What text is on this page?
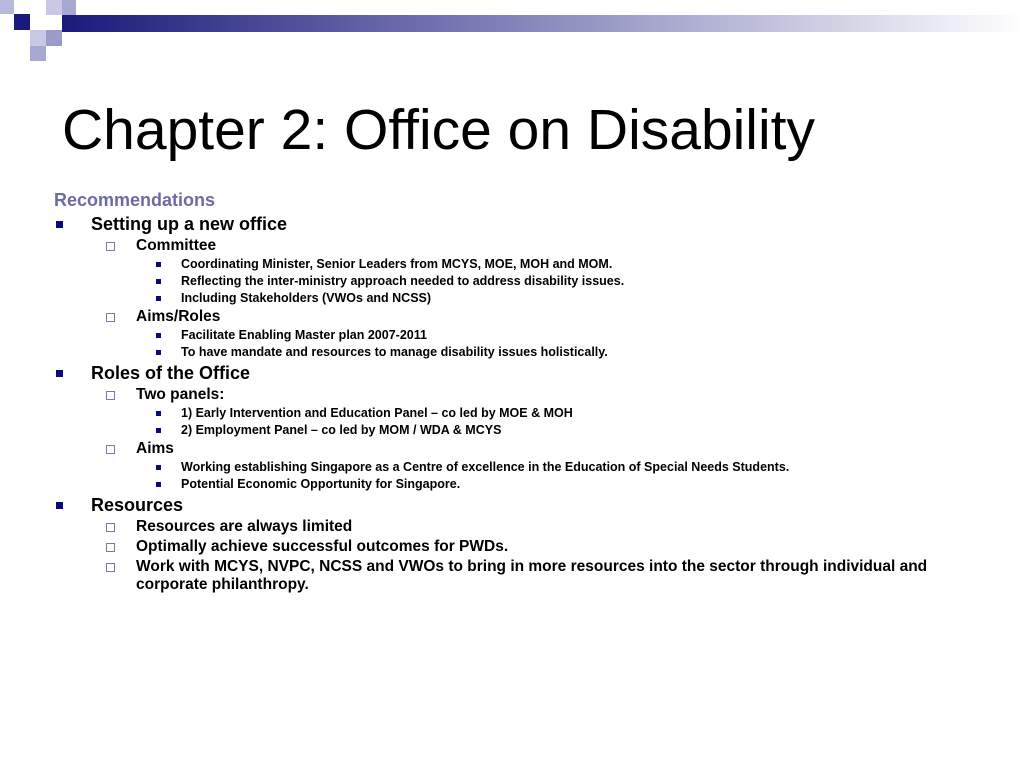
Chapter 2: Office on Disability
Recommendations
Setting up a new office
Committee
Coordinating Minister, Senior Leaders from MCYS, MOE, MOH and MOM.
Reflecting the inter-ministry approach needed to address disability issues.
Including Stakeholders (VWOs and NCSS)
Aims/Roles
Facilitate Enabling Master plan 2007-2011
To have mandate and resources to manage disability issues holistically.
Roles of the Office
Two panels:
1) Early Intervention and Education Panel – co led by MOE & MOH
2) Employment Panel – co led by MOM / WDA & MCYS
Aims
Working establishing Singapore as a Centre of excellence in the Education of Special Needs Students.
Potential Economic Opportunity for Singapore.
Resources
Resources are always limited
Optimally achieve successful outcomes for PWDs.
Work with MCYS, NVPC, NCSS and VWOs to bring in more resources into the sector through individual and corporate philanthropy.
